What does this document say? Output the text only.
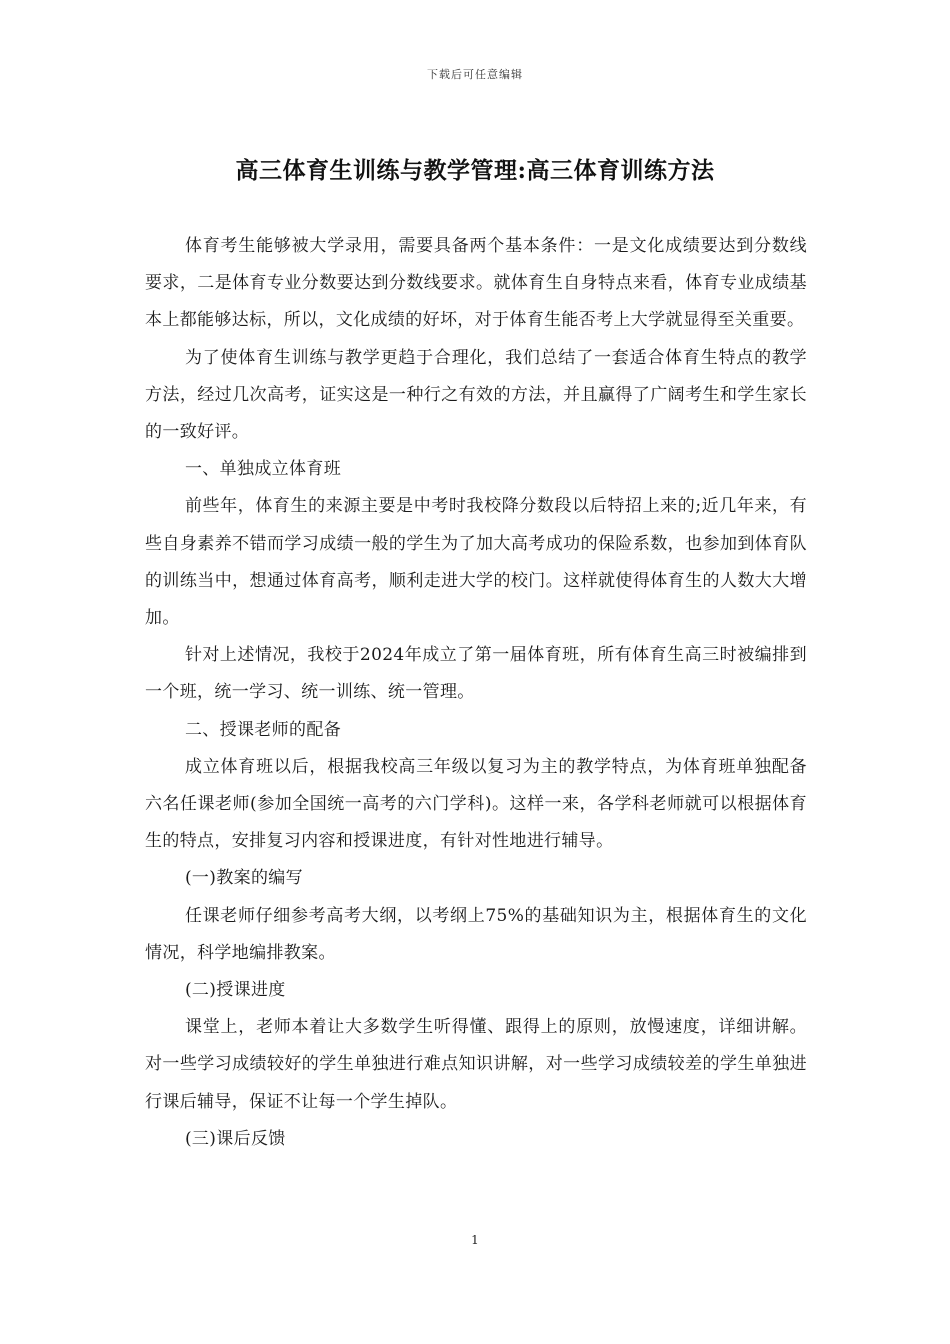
下载后可任意编辑
高三体育生训练与教学管理:高三体育训练方法

体育考生能够被大学录用，需要具备两个基本条件：一是文化成绩要达到分数线要求，二是体育专业分数要达到分数线要求。就体育生自身特点来看，体育专业成绩基本上都能够达标，所以，文化成绩的好坏，对于体育生能否考上大学就显得至关重要。

为了使体育生训练与教学更趋于合理化，我们总结了一套适合体育生特点的教学方法，经过几次高考，证实这是一种行之有效的方法，并且赢得了广阔考生和学生家长的一致好评。

一、单独成立体育班

前些年，体育生的来源主要是中考时我校降分数段以后特招上来的;近几年来，有些自身素养不错而学习成绩一般的学生为了加大高考成功的保险系数，也参加到体育队的训练当中，想通过体育高考，顺利走进大学的校门。这样就使得体育生的人数大大增加。

针对上述情况，我校于2024年成立了第一届体育班，所有体育生高三时被编排到一个班，统一学习、统一训练、统一管理。

二、授课老师的配备

成立体育班以后，根据我校高三年级以复习为主的教学特点，为体育班单独配备六名任课老师(参加全国统一高考的六门学科)。这样一来，各学科老师就可以根据体育生的特点，安排复习内容和授课进度，有针对性地进行辅导。

(一)教案的编写

任课老师仔细参考高考大纲，以考纲上75%的基础知识为主，根据体育生的文化情况，科学地编排教案。

(二)授课进度

课堂上，老师本着让大多数学生听得懂、跟得上的原则，放慢速度，详细讲解。对一些学习成绩较好的学生单独进行难点知识讲解，对一些学习成绩较差的学生单独进行课后辅导，保证不让每一个学生掉队。

(三)课后反馈

1
